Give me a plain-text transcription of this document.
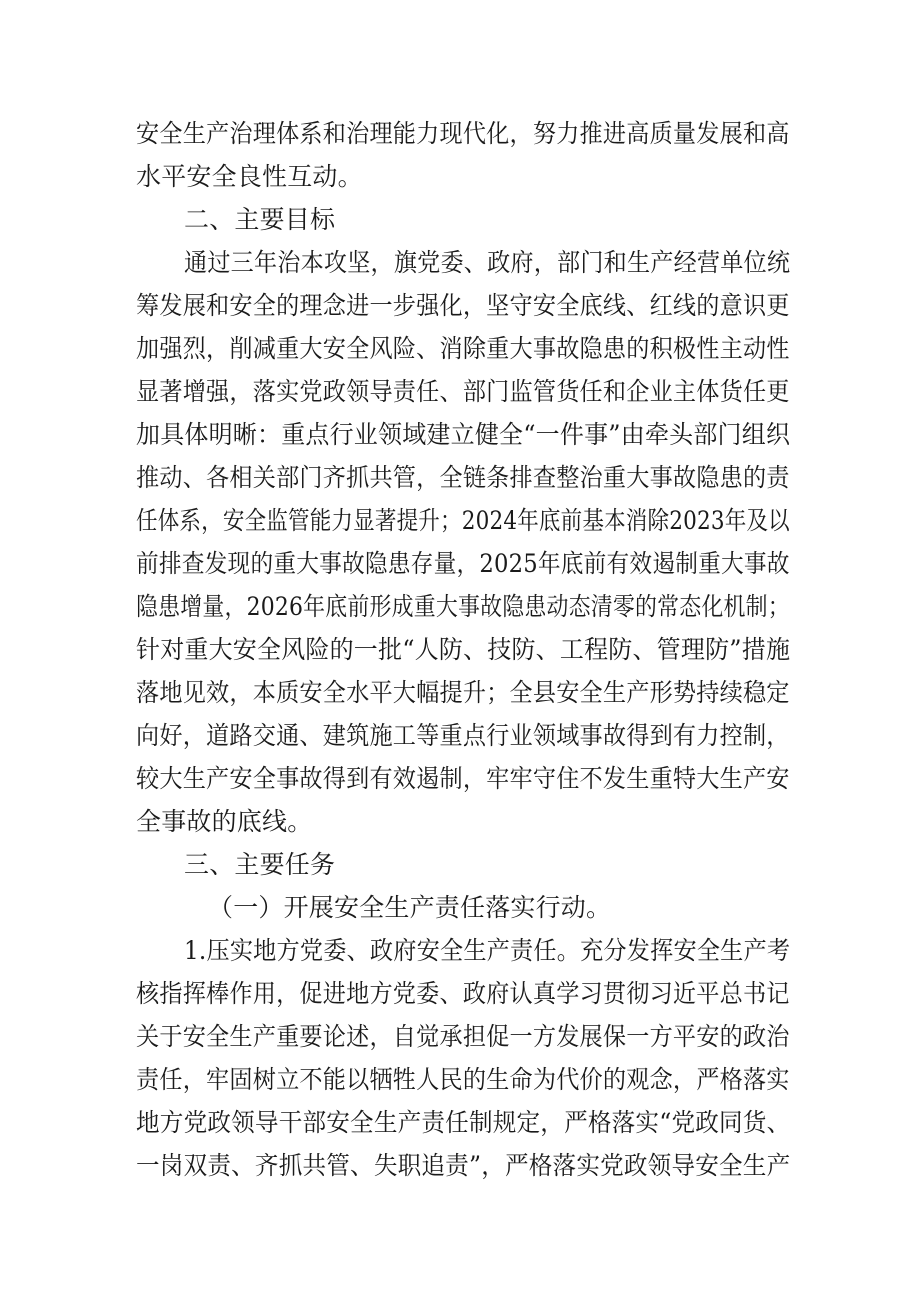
安全生产治理体系和治理能力现代化，努力推进高质量发展和高

水平安全良性互动。

二、主要目标

通过三年治本攻坚，旗党委、政府，部门和生产经营单位统

筹发展和安全的理念进一步强化，坚守安全底线、红线的意识更

加强烈，削减重大安全风险、消除重大事故隐患的积极性主动性

显著增强，落实党政领导责任、部门监管货任和企业主体货任更

加具体明晰：重点行业领域建立健全“一件事”由牵头部门组织

推动、各相关部门齐抓共管，全链条排查整治重大事故隐患的责

任体系，安全监管能力显著提升；2024年底前基本消除2023年及以

前排查发现的重大事故隐患存量，2025年底前有效遏制重大事故

隐患增量，2026年底前形成重大事故隐患动态清零的常态化机制；

针对重大安全风险的一批“人防、技防、工程防、管理防”措施

落地见效，本质安全水平大幅提升；全县安全生产形势持续稳定

向好，道路交通、建筑施工等重点行业领域事故得到有力控制，

较大生产安全事故得到有效遏制，牢牢守住不发生重特大生产安

全事故的底线。

三、主要任务

（一）开展安全生产责任落实行动。

1.压实地方党委、政府安全生产责任。充分发挥安全生产考

核指挥棒作用，促进地方党委、政府认真学习贯彻习近平总书记

关于安全生产重要论述，自觉承担促一方发展保一方平安的政治

责任，牢固树立不能以牺牲人民的生命为代价的观念，严格落实

地方党政领导干部安全生产责任制规定，严格落实“党政同货、

一岗双责、齐抓共管、失职追责”，严格落实党政领导安全生产
